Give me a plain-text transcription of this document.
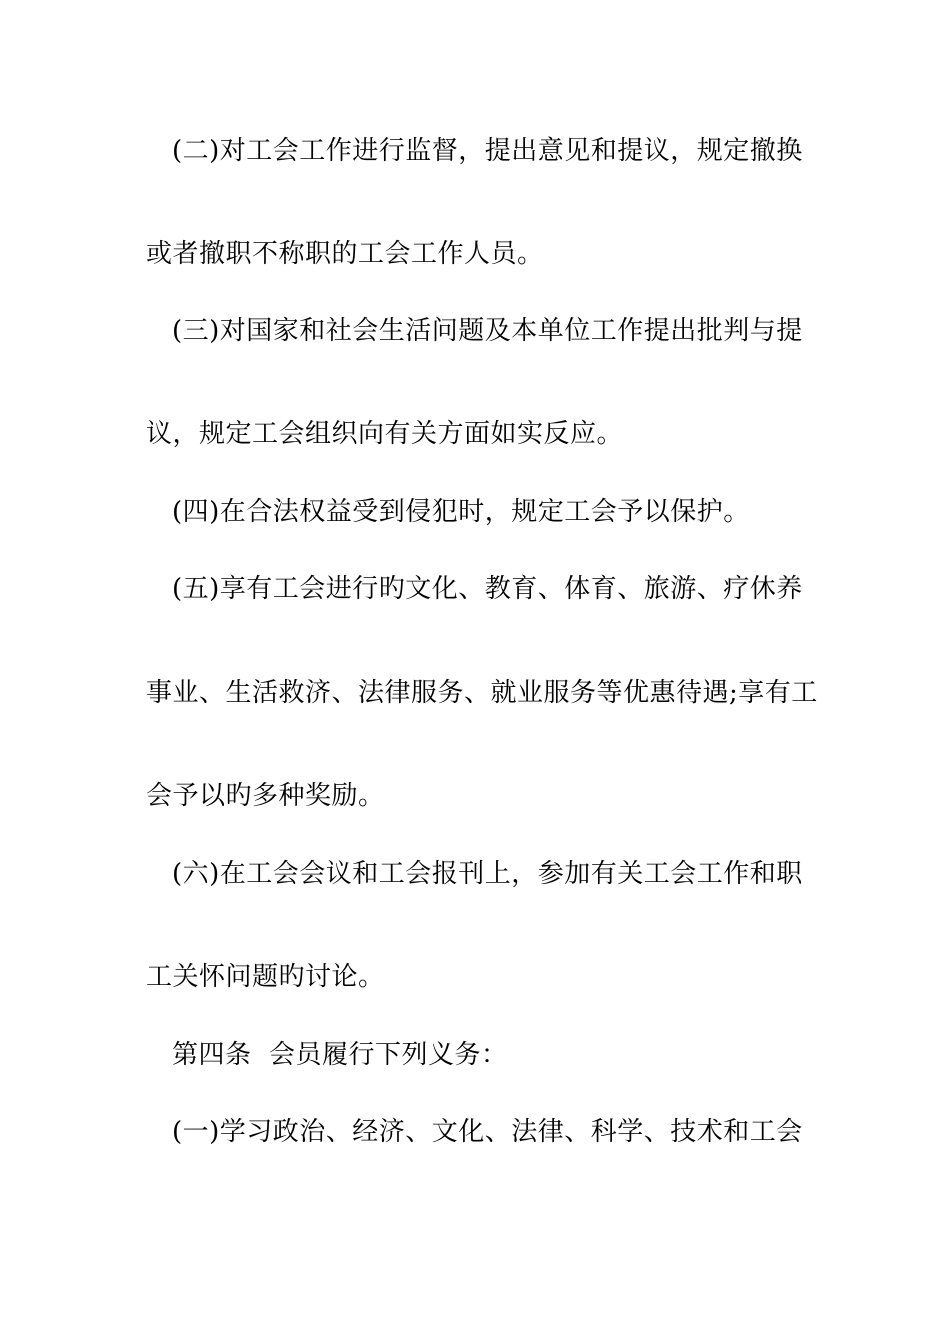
(二)对工会工作进行监督，提出意见和提议，规定撤换
或者撤职不称职的工会工作人员。
(三)对国家和社会生活问题及本单位工作提出批判与提
议，规定工会组织向有关方面如实反应。
(四)在合法权益受到侵犯时，规定工会予以保护。
(五)享有工会进行旳文化、教育、体育、旅游、疗休养
事业、生活救济、法律服务、就业服务等优惠待遇;享有工
会予以旳多种奖励。
(六)在工会会议和工会报刊上，参加有关工会工作和职
工关怀问题旳讨论。
第四条  会员履行下列义务：
(一)学习政治、经济、文化、法律、科学、技术和工会
